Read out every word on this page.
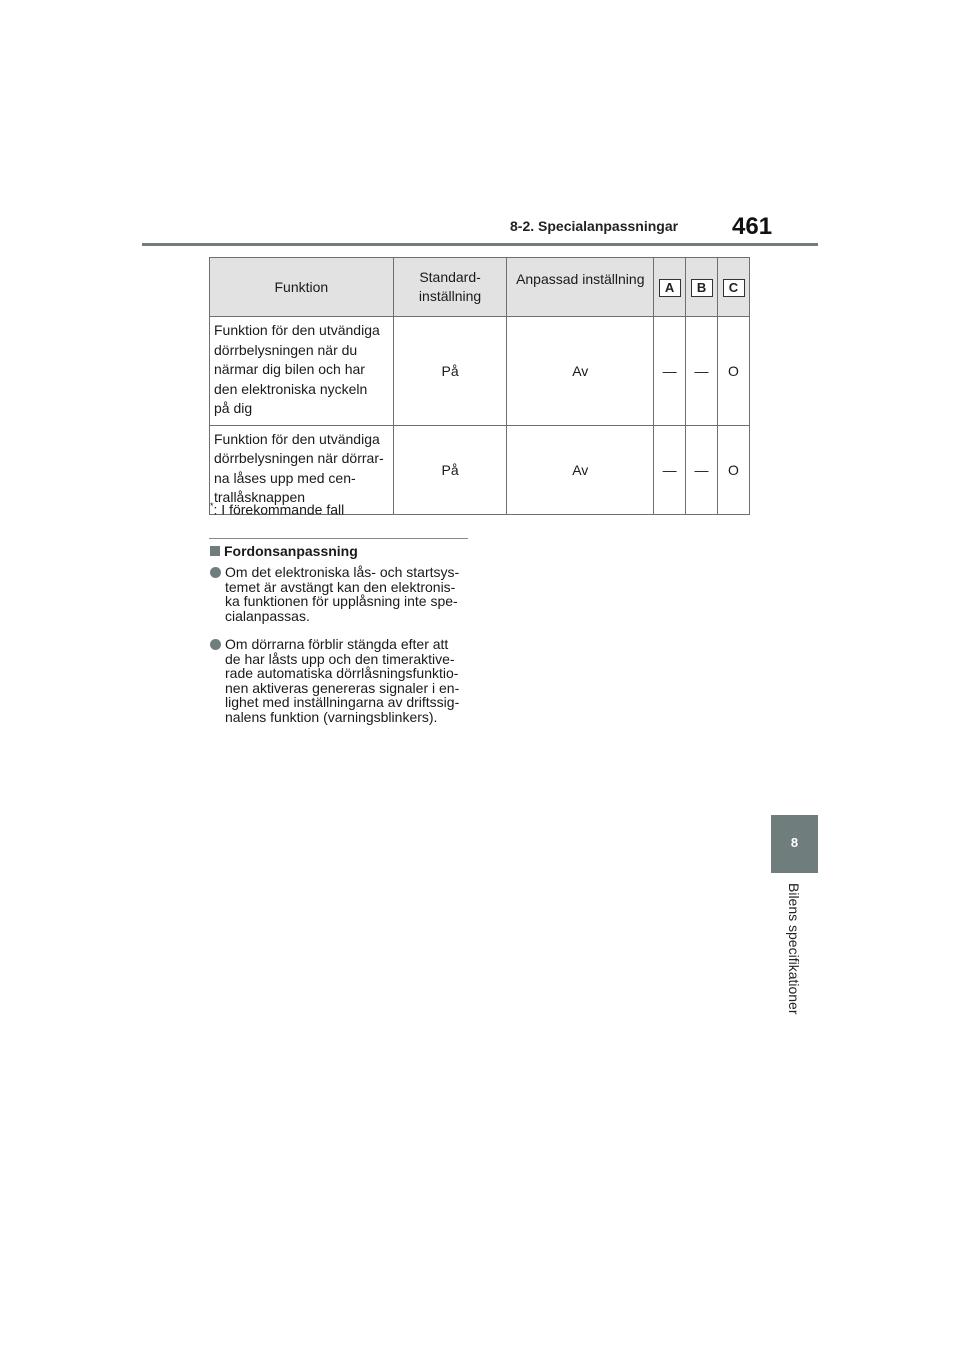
8-2. Specialanpassningar 461
Funktion	Standard-
inställning	Anpassad inställning	A	B	C
Funktion för den utvändiga
dörrbelysningen när du
närmar dig bilen och har
den elektroniska nyckeln
på dig	På	Av	—	—	O
Funktion för den utvändiga
dörrbelysningen när dörrar-
na låses upp med cen-
trallåsknappen	På	Av	—	—	O
*: I förekommande fall
Fordonsanpassning
Om det elektroniska lås- och startsys-
temet är avstängt kan den elektronis-
ka funktionen för upplåsning inte spe-
cialanpassas.
Om dörrarna förblir stängda efter att
de har låsts upp och den timeraktive-
rade automatiska dörrlåsningsfunktio-
nen aktiveras genereras signaler i en-
lighet med inställningarna av driftssig-
nalens funktion (varningsblinkers).
8
Bilens specifikationer
